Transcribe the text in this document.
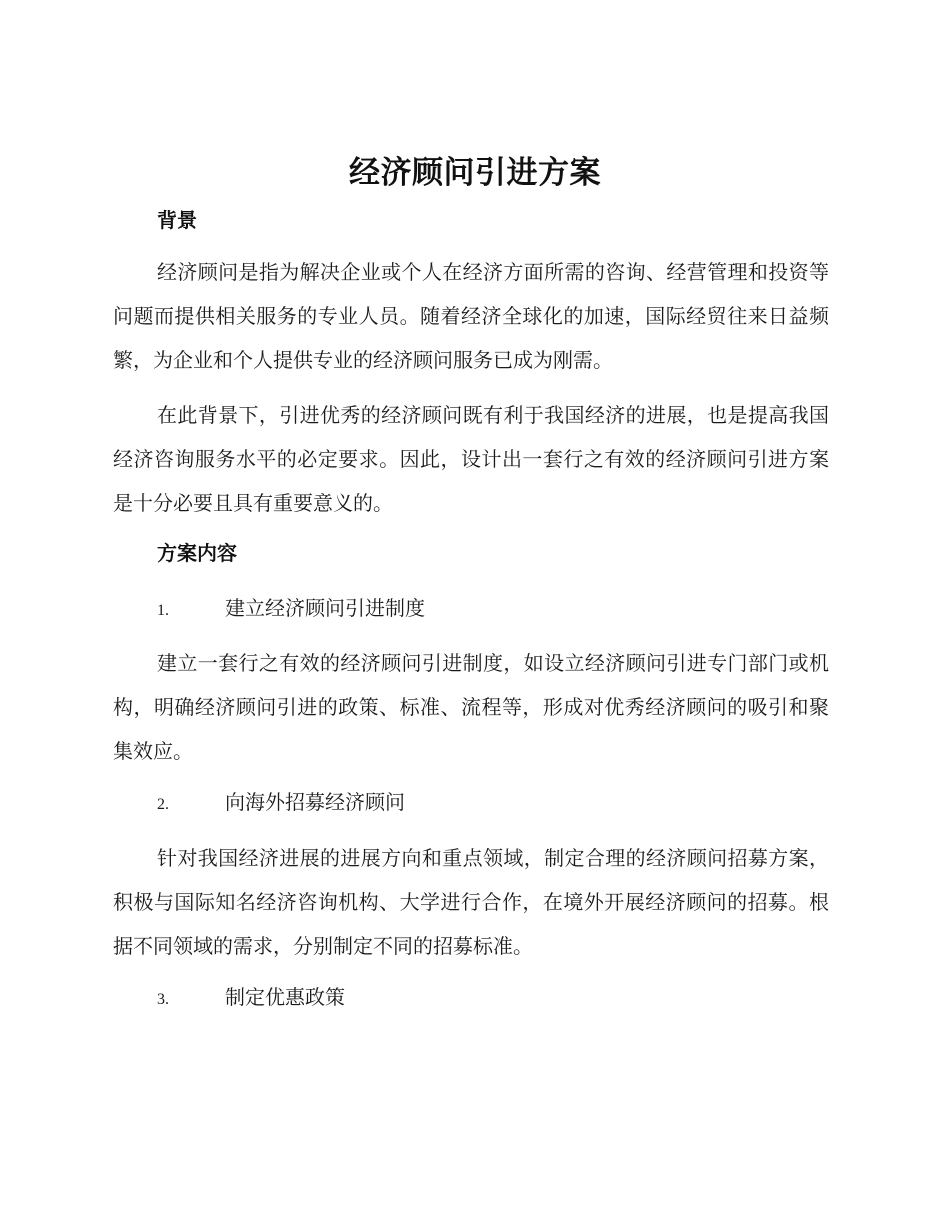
经济顾问引进方案
背景
经济顾问是指为解决企业或个人在经济方面所需的咨询、经营管理和投资等问题而提供相关服务的专业人员。随着经济全球化的加速，国际经贸往来日益频繁，为企业和个人提供专业的经济顾问服务已成为刚需。
在此背景下，引进优秀的经济顾问既有利于我国经济的进展，也是提高我国经济咨询服务水平的必定要求。因此，设计出一套行之有效的经济顾问引进方案是十分必要且具有重要意义的。
方案内容
1.	建立经济顾问引进制度
建立一套行之有效的经济顾问引进制度，如设立经济顾问引进专门部门或机构，明确经济顾问引进的政策、标准、流程等，形成对优秀经济顾问的吸引和聚集效应。
2.	向海外招募经济顾问
针对我国经济进展的进展方向和重点领域，制定合理的经济顾问招募方案，积极与国际知名经济咨询机构、大学进行合作，在境外开展经济顾问的招募。根据不同领域的需求，分别制定不同的招募标准。
3.	制定优惠政策
